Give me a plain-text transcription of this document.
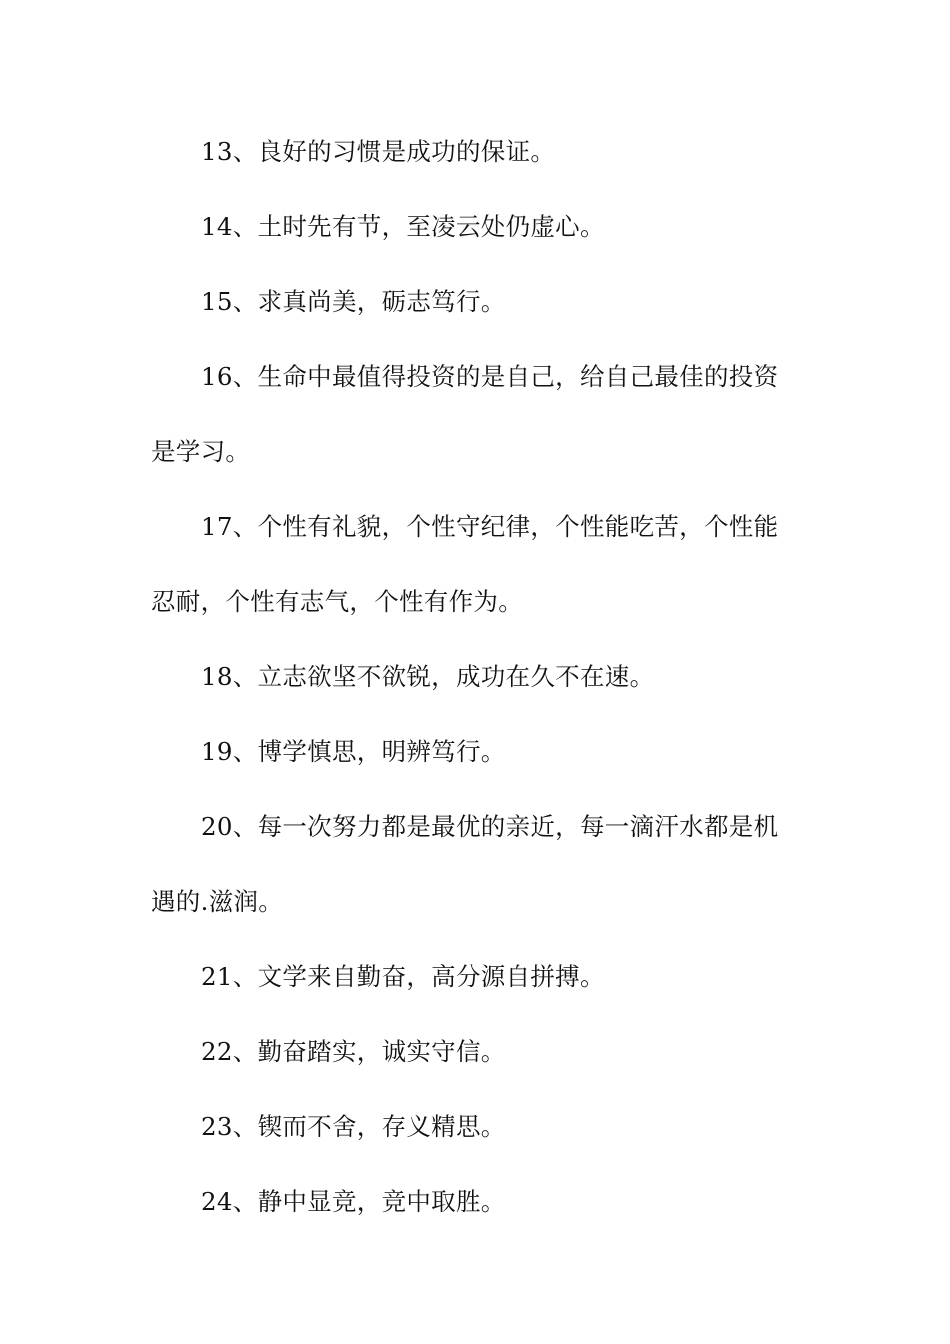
13、良好的习惯是成功的保证。

14、土时先有节，至凌云处仍虚心。

15、求真尚美，砺志笃行。

16、生命中最值得投资的是自己，给自己最佳的投资是学习。

17、个性有礼貌，个性守纪律，个性能吃苦，个性能忍耐，个性有志气，个性有作为。

18、立志欲坚不欲锐，成功在久不在速。

19、博学慎思，明辨笃行。

20、每一次努力都是最优的亲近，每一滴汗水都是机遇的.滋润。

21、文学来自勤奋，高分源自拼搏。

22、勤奋踏实，诚实守信。

23、锲而不舍，存义精思。

24、静中显竞，竞中取胜。
